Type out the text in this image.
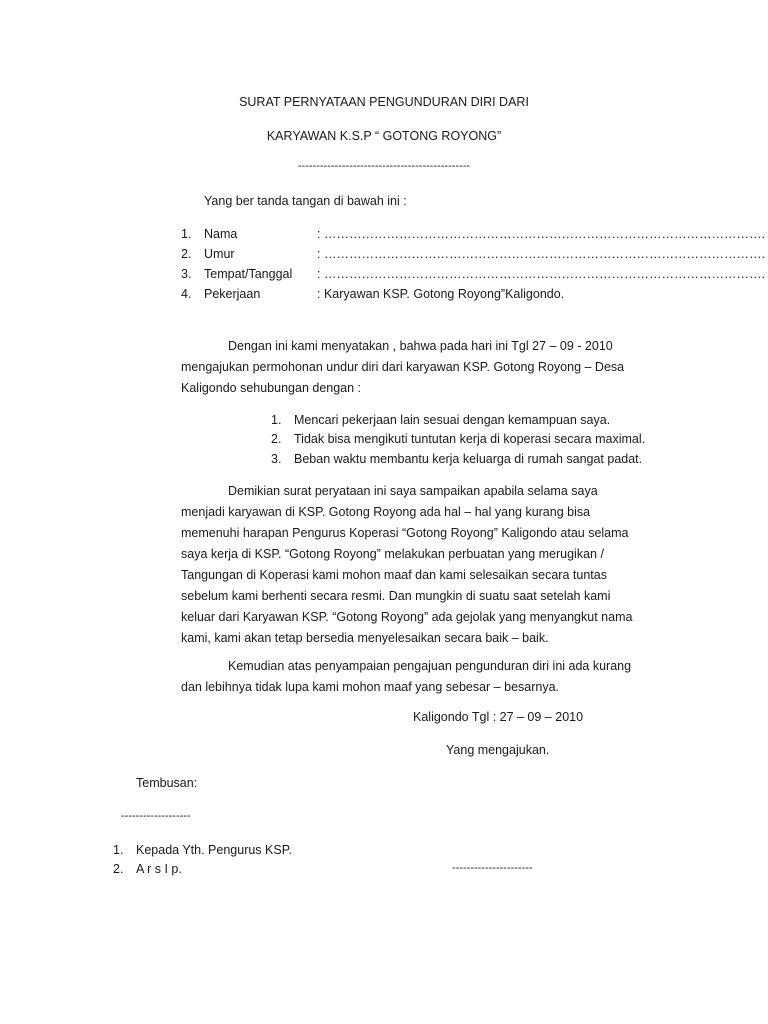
SURAT PERNYATAAN PENGUNDURAN DIRI DARI
KARYAWAN K.S.P “ GOTONG ROYONG”
-----------------------------------------------
Yang ber tanda tangan di bawah ini :
1. Nama	: …………………………………………………………………………………………….
2. Umur	: …………………………………………………………………………………………….
3. Tempat/Tanggal : …………………………………………………………………………………………….
4. Pekerjaan	: Karyawan KSP. Gotong Royong”Kaligondo.
Dengan ini kami menyatakan , bahwa pada hari ini Tgl 27 – 09 - 2010 mengajukan permohonan undur diri dari karyawan KSP. Gotong Royong – Desa Kaligondo sehubungan dengan :
1. Mencari pekerjaan lain sesuai dengan kemampuan saya.
2. Tidak bisa mengikuti tuntutan kerja di koperasi secara maximal.
3. Beban waktu membantu kerja keluarga di rumah sangat padat.
Demikian surat peryataan ini saya sampaikan apabila selama saya menjadi karyawan di KSP. Gotong Royong ada hal – hal yang kurang bisa memenuhi harapan Pengurus Koperasi “Gotong Royong” Kaligondo atau selama saya kerja di KSP. “Gotong Royong” melakukan perbuatan yang merugikan / Tangungan di Koperasi kami mohon maaf dan kami selesaikan secara tuntas sebelum kami berhenti secara resmi. Dan mungkin di suatu saat setelah kami keluar dari Karyawan KSP. “Gotong Royong” ada gejolak yang menyangkut nama kami, kami akan tetap bersedia menyelesaikan secara baik – baik.
Kemudian atas penyampaian pengajuan pengunduran diri ini ada kurang dan lebihnya tidak lupa kami mohon maaf yang sebesar – besarnya.
Kaligondo Tgl : 27 – 09 – 2010
Yang mengajukan.
Tembusan:
-------------------
1. Kepada Yth. Pengurus KSP.
2. A r s I p.	----------------------
